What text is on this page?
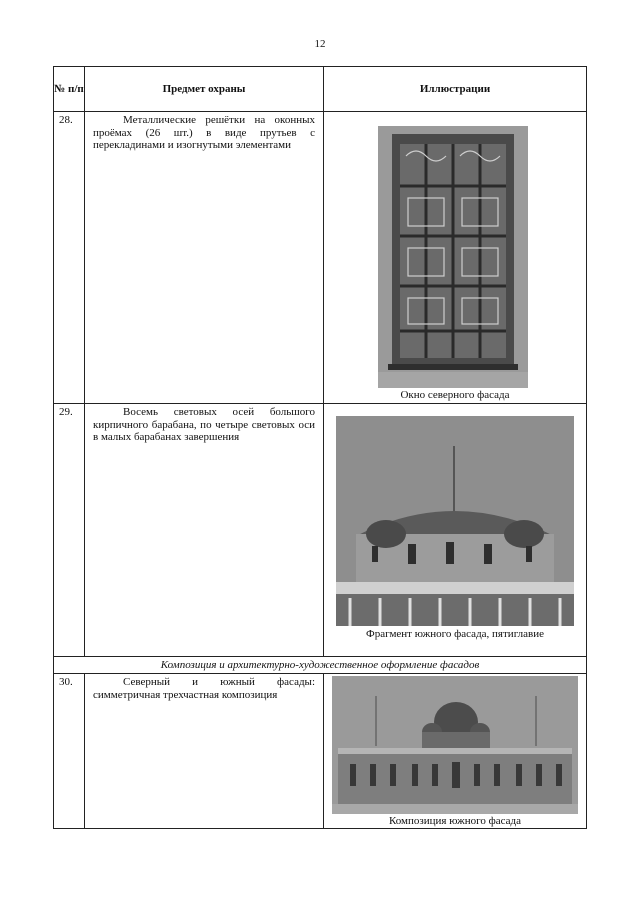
12
№ п/п	Предмет охраны	Иллюстрации
28.	Металлические решётки на оконных проёмах (26 шт.) в виде прутьев с перекладинами и изогнутыми элементами	Окно северного фасада

29.	Восемь световых осей большого кирпичного барабана, по четыре световых оси в малых барабанах завершения	Фрагмент южного фасада, пятиглавие

Композиция и архитектурно-художественное оформление фасадов		
30.	Северный и южный фасады: симметричная трехчастная композиция	Композиция южного фасада
